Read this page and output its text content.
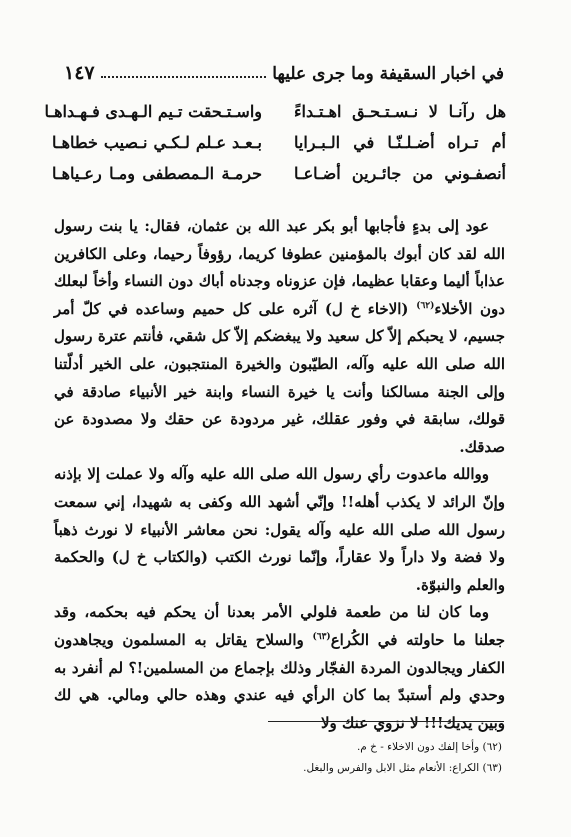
في اخبار السقيفة وما جرى عليها
١٤٧
هل رآنـا لا نـسـتـحـق اهـتـداءً
واسـتـحقت تـيم الـهـدى فـهـداهـا
أم تـراه أضـلـنّـا في الـبـرايا
بـعـد عـلم لـكـي نـصيب خطاهـا
أنصفـوني من جائـرين أضـاعـا
حرمـة الـمصطفى ومـا رعـياهـا

عود إلى بدءٍ فأجابها أبو بكر عبد الله بن عثمان، فقال: يا بنت رسول الله لقد كان أبوك بالمؤمنين عطوفا كريما، رؤوفاً رحيما، وعلى الكافرين عذاباً أليما وعقابا عظيما، فإن عزوناه وجدناه أباك دون النساء وأخاً لبعلك دون الأخلاء$^{(٦٢)}$ (الاخاء خ ل) آثره على كل حميم وساعده في كلّ أمر جسيم، لا يحبكم إلاّ كل سعيد ولا يبغضكم إلاّ كل شقي، فأنتم عترة رسول الله صلى الله عليه وآله، الطيّبون والخيرة المنتجبون، على الخير أدلّتنا وإلى الجنة مسالكنا وأنت يا خيرة النساء وابنة خير الأنبياء صادقة في قولك، سابقة في وفور عقلك، غير مردودة عن حقك ولا مصدودة عن صدقك.

ووالله ماعدوت رأي رسول الله صلى الله عليه وآله ولا عملت إلا بإذنه وإنّ الرائد لا يكذب أهله!! وإنّي أشهد الله وكفى به شهيدا، إني سمعت رسول الله صلى الله عليه وآله يقول: نحن معاشر الأنبياء لا نورث ذهباً ولا فضة ولا داراً ولا عقاراً، وإنّما نورث الكتب (والكتاب خ ل) والحكمة والعلم والنبوّة.

وما كان لنا من طعمة فلولي الأمر بعدنا أن يحكم فيه بحكمه، وقد جعلنا ما حاولته في الكُراع$^{(٦٣)}$ والسلاح يقاتل به المسلمون ويجاهدون الكفار ويجالدون المردة الفجّار وذلك بإجماع من المسلمين!؟ لم أنفرد به وحدي ولم أستبدّ بما كان الرأي فيه عندي وهذه حالي ومالي. هي لك وبين يديك!!! لا نزوي عنك ولا

(٦٢) وأخا إلفك دون الاخلاء - خ م.
(٦٣) الكراع: الأنعام مثل الابل والفرس والبغل.
